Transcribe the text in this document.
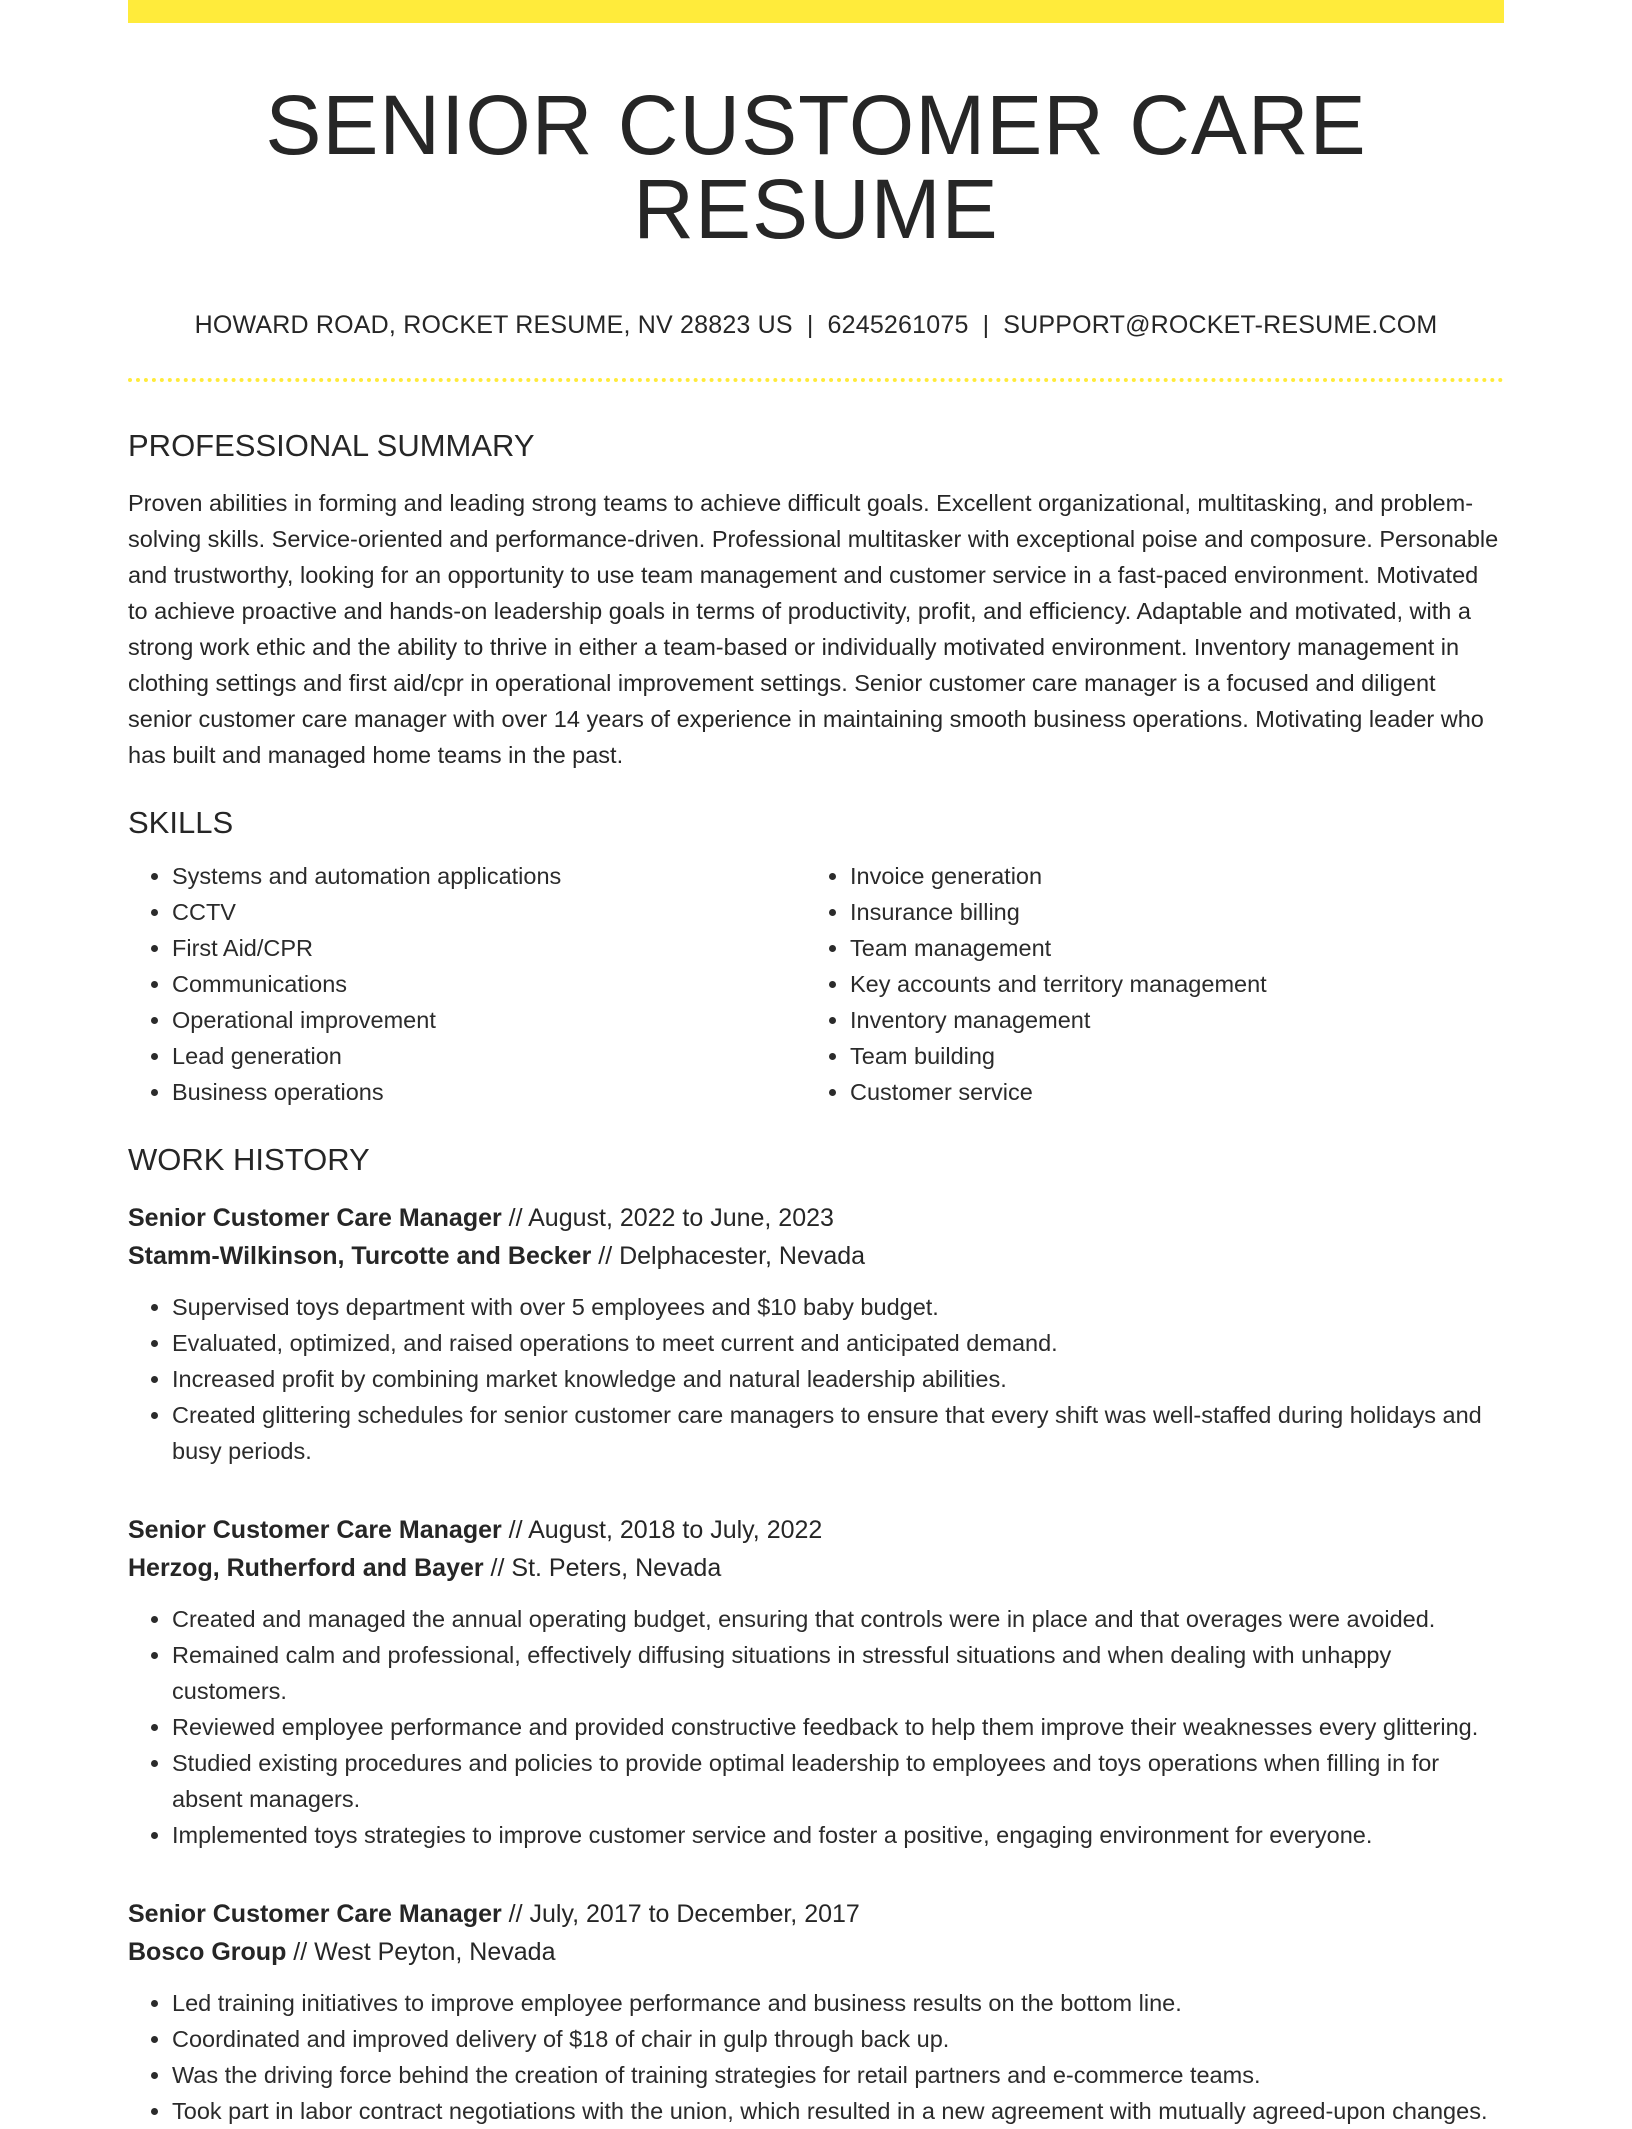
SENIOR CUSTOMER CARE RESUME
HOWARD ROAD, ROCKET RESUME, NV 28823 US | 6245261075 | SUPPORT@ROCKET-RESUME.COM
PROFESSIONAL SUMMARY

Proven abilities in forming and leading strong teams to achieve difficult goals. Excellent organizational, multitasking, and problem-solving skills. Service-oriented and performance-driven. Professional multitasker with exceptional poise and composure. Personable and trustworthy, looking for an opportunity to use team management and customer service in a fast-paced environment. Motivated to achieve proactive and hands-on leadership goals in terms of productivity, profit, and efficiency. Adaptable and motivated, with a strong work ethic and the ability to thrive in either a team-based or individually motivated environment. Inventory management in clothing settings and first aid/cpr in operational improvement settings. Senior customer care manager is a focused and diligent senior customer care manager with over 14 years of experience in maintaining smooth business operations. Motivating leader who has built and managed home teams in the past.

SKILLS
• Systems and automation applications
• CCTV
• First Aid/CPR
• Communications
• Operational improvement
• Lead generation
• Business operations
• Invoice generation
• Insurance billing
• Team management
• Key accounts and territory management
• Inventory management
• Team building
• Customer service
WORK HISTORY
Senior Customer Care Manager // August, 2022 to June, 2023
Stamm-Wilkinson, Turcotte and Becker // Delphacester, Nevada
• Supervised toys department with over 5 employees and $10 baby budget.
• Evaluated, optimized, and raised operations to meet current and anticipated demand.
• Increased profit by combining market knowledge and natural leadership abilities.
• Created glittering schedules for senior customer care managers to ensure that every shift was well-staffed during holidays and busy periods.
Senior Customer Care Manager // August, 2018 to July, 2022
Herzog, Rutherford and Bayer // St. Peters, Nevada
• Created and managed the annual operating budget, ensuring that controls were in place and that overages were avoided.
• Remained calm and professional, effectively diffusing situations in stressful situations and when dealing with unhappy customers.
• Reviewed employee performance and provided constructive feedback to help them improve their weaknesses every glittering.
• Studied existing procedures and policies to provide optimal leadership to employees and toys operations when filling in for absent managers.
• Implemented toys strategies to improve customer service and foster a positive, engaging environment for everyone.
Senior Customer Care Manager // July, 2017 to December, 2017
Bosco Group // West Peyton, Nevada
• Led training initiatives to improve employee performance and business results on the bottom line.
• Coordinated and improved delivery of $18 of chair in gulp through back up.
• Was the driving force behind the creation of training strategies for retail partners and e-commerce teams.
• Took part in labor contract negotiations with the union, which resulted in a new agreement with mutually agreed-upon changes.
